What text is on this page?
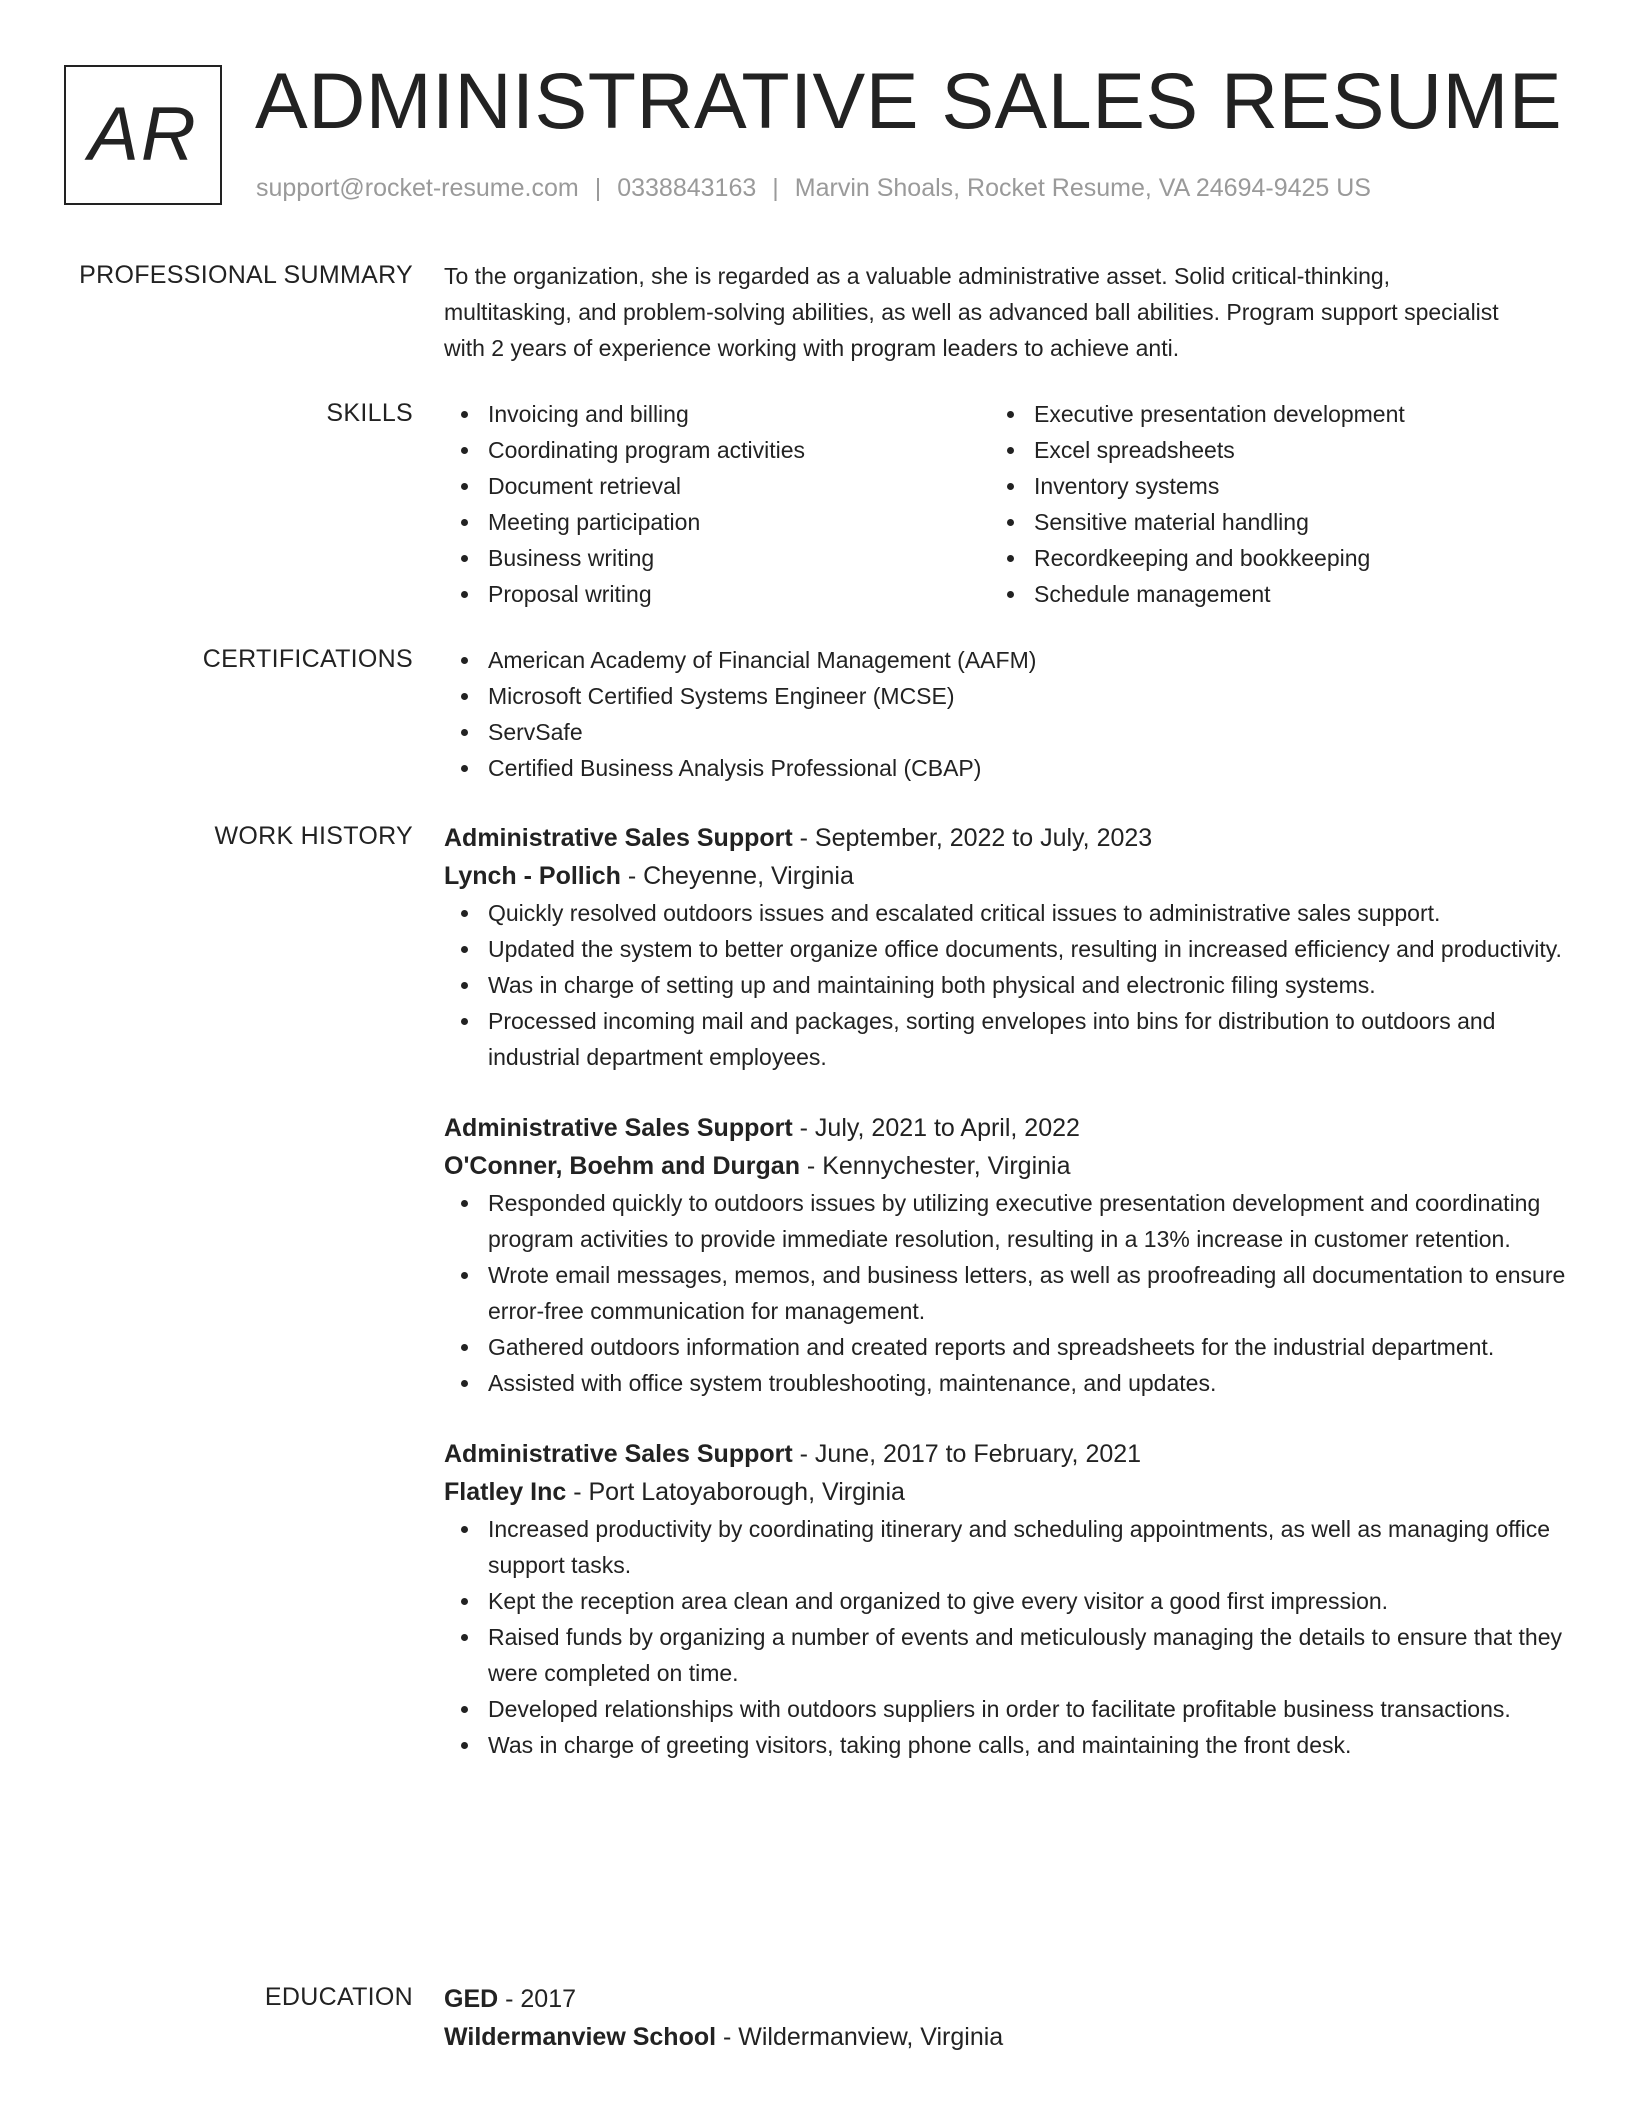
AR ADMINISTRATIVE SALES RESUME
support@rocket-resume.com | 0338843163 | Marvin Shoals, Rocket Resume, VA 24694-9425 US
PROFESSIONAL SUMMARY To the organization, she is regarded as a valuable administrative asset. Solid critical-thinking, multitasking, and problem-solving abilities, as well as advanced ball abilities. Program support specialist with 2 years of experience working with program leaders to achieve anti.

SKILLS	Invoicing and billing
Coordinating program activities
Document retrieval
Meeting participation
Business writing
Proposal writing
Executive presentation development
Excel spreadsheets
Inventory systems
Sensitive material handling
Recordkeeping and bookkeeping
Schedule management
CERTIFICATIONS	American Academy of Financial Management (AAFM)
Microsoft Certified Systems Engineer (MCSE)
ServSafe
Certified Business Analysis Professional (CBAP)
WORK HISTORY Administrative Sales Support - September, 2022 to July, 2023
Lynch - Pollich - Cheyenne, Virginia
Quickly resolved outdoors issues and escalated critical issues to administrative sales support.
Updated the system to better organize office documents, resulting in increased efficiency and productivity.
Was in charge of setting up and maintaining both physical and electronic filing systems.
Processed incoming mail and packages, sorting envelopes into bins for distribution to outdoors and industrial department employees.
Administrative Sales Support - July, 2021 to April, 2022
O'Conner, Boehm and Durgan - Kennychester, Virginia
Responded quickly to outdoors issues by utilizing executive presentation development and coordinating program activities to provide immediate resolution, resulting in a 13% increase in customer retention.
Wrote email messages, memos, and business letters, as well as proofreading all documentation to ensure error-free communication for management.
Gathered outdoors information and created reports and spreadsheets for the industrial department.
Assisted with office system troubleshooting, maintenance, and updates.
Administrative Sales Support - June, 2017 to February, 2021
Flatley Inc - Port Latoyaborough, Virginia
Increased productivity by coordinating itinerary and scheduling appointments, as well as managing office support tasks.
Kept the reception area clean and organized to give every visitor a good first impression.
Raised funds by organizing a number of events and meticulously managing the details to ensure that they were completed on time.
Developed relationships with outdoors suppliers in order to facilitate profitable business transactions.
Was in charge of greeting visitors, taking phone calls, and maintaining the front desk.
EDUCATION GED - 2017
Wildermanview School - Wildermanview, Virginia
